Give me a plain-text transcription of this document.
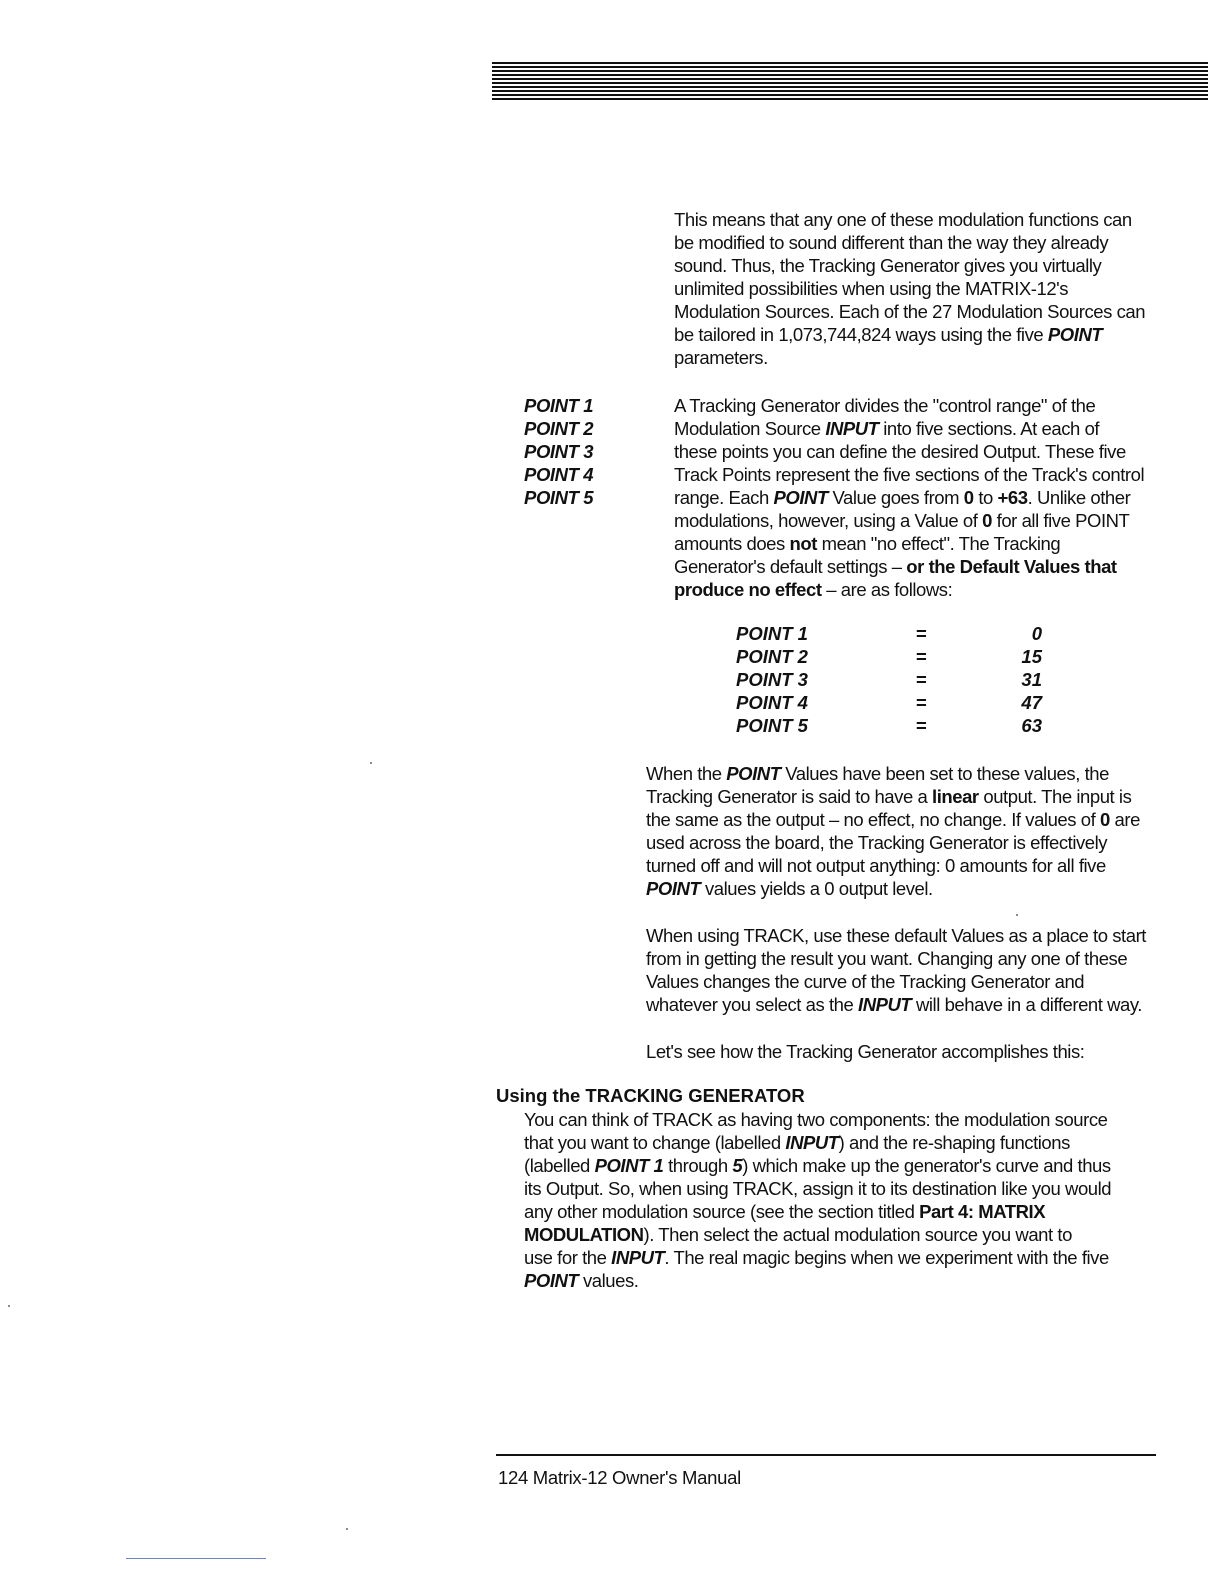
This means that any one of these modulation functions can
be modified to sound different than the way they already
sound. Thus, the Tracking Generator gives you virtually
unlimited possibilities when using the MATRIX-12's
Modulation Sources. Each of the 27 Modulation Sources can
be tailored in 1,073,744,824 ways using the five POINT
parameters.
POINT 1
POINT 2
POINT 3
POINT 4
POINT 5
A Tracking Generator divides the "control range" of the
Modulation Source INPUT into five sections. At each of
these points you can define the desired Output. These five
Track Points represent the five sections of the Track's control
range. Each POINT Value goes from 0 to +63. Unlike other
modulations, however, using a Value of 0 for all five POINT
amounts does not mean "no effect". The Tracking
Generator's default settings – or the Default Values that
produce no effect – are as follows:
POINT 1	=	0
POINT 2	=	15
POINT 3	=	31
POINT 4	=	47
POINT 5	=	63
When the POINT Values have been set to these values, the
Tracking Generator is said to have a linear output. The input is
the same as the output – no effect, no change. If values of 0 are
used across the board, the Tracking Generator is effectively
turned off and will not output anything: 0 amounts for all five
POINT values yields a 0 output level.
When using TRACK, use these default Values as a place to start
from in getting the result you want. Changing any one of these
Values changes the curve of the Tracking Generator and
whatever you select as the INPUT will behave in a different way.
Let's see how the Tracking Generator accomplishes this:
Using the TRACKING GENERATOR
You can think of TRACK as having two components: the modulation source
that you want to change (labelled INPUT) and the re-shaping functions
(labelled POINT 1 through 5) which make up the generator's curve and thus
its Output. So, when using TRACK, assign it to its destination like you would
any other modulation source (see the section titled Part 4: MATRIX
MODULATION). Then select the actual modulation source you want to
use for the INPUT. The real magic begins when we experiment with the five
POINT values.
124 Matrix-12 Owner's Manual
